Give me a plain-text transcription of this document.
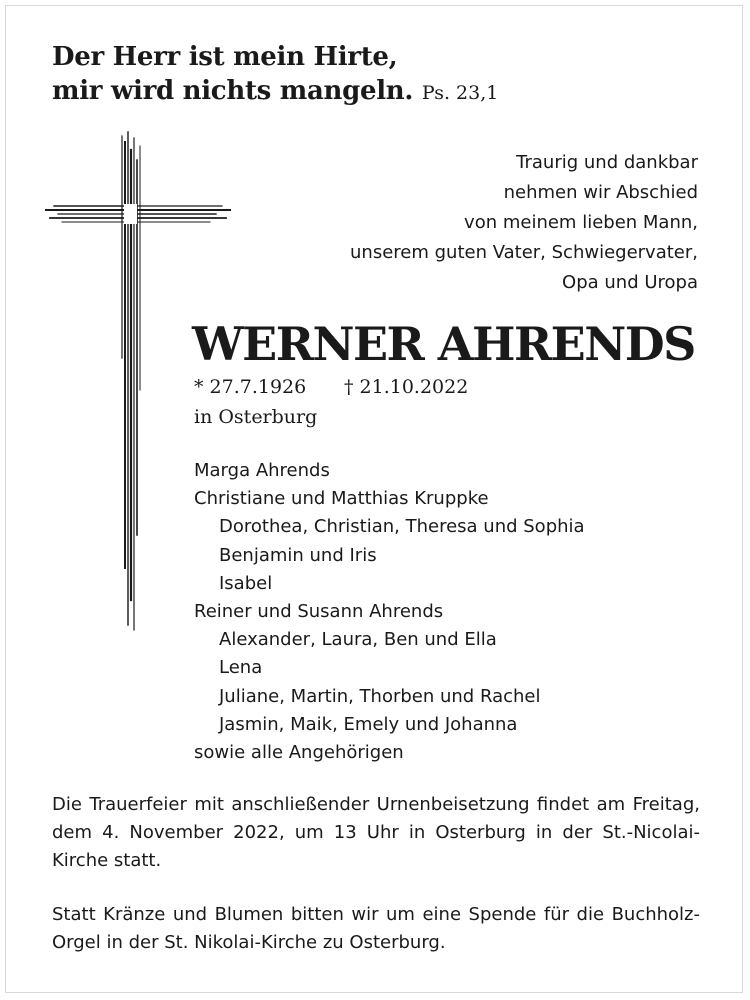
Der Herr ist mein Hirte,
mir wird nichts mangeln. Ps. 23,1
Traurig und dankbar
nehmen wir Abschied
von meinem lieben Mann,
unserem guten Vater, Schwiegervater,
Opa und Uropa
WERNER AHRENDS
* 27.7.1926 † 21.10.2022
in Osterburg
Marga Ahrends
Christiane und Matthias Kruppke
Dorothea, Christian, Theresa und Sophia
Benjamin und Iris
Isabel
Reiner und Susann Ahrends
Alexander, Laura, Ben und Ella
Lena
Juliane, Martin, Thorben und Rachel
Jasmin, Maik, Emely und Johanna
sowie alle Angehörigen

Die Trauerfeier mit anschließender Urnenbeisetzung findet am Freitag, dem 4. November 2022, um 13 Uhr in Osterburg in der St.-Nicolai-Kirche statt.

Statt Kränze und Blumen bitten wir um eine Spende für die Buchholz-Orgel in der St. Nikolai-Kirche zu Osterburg.
